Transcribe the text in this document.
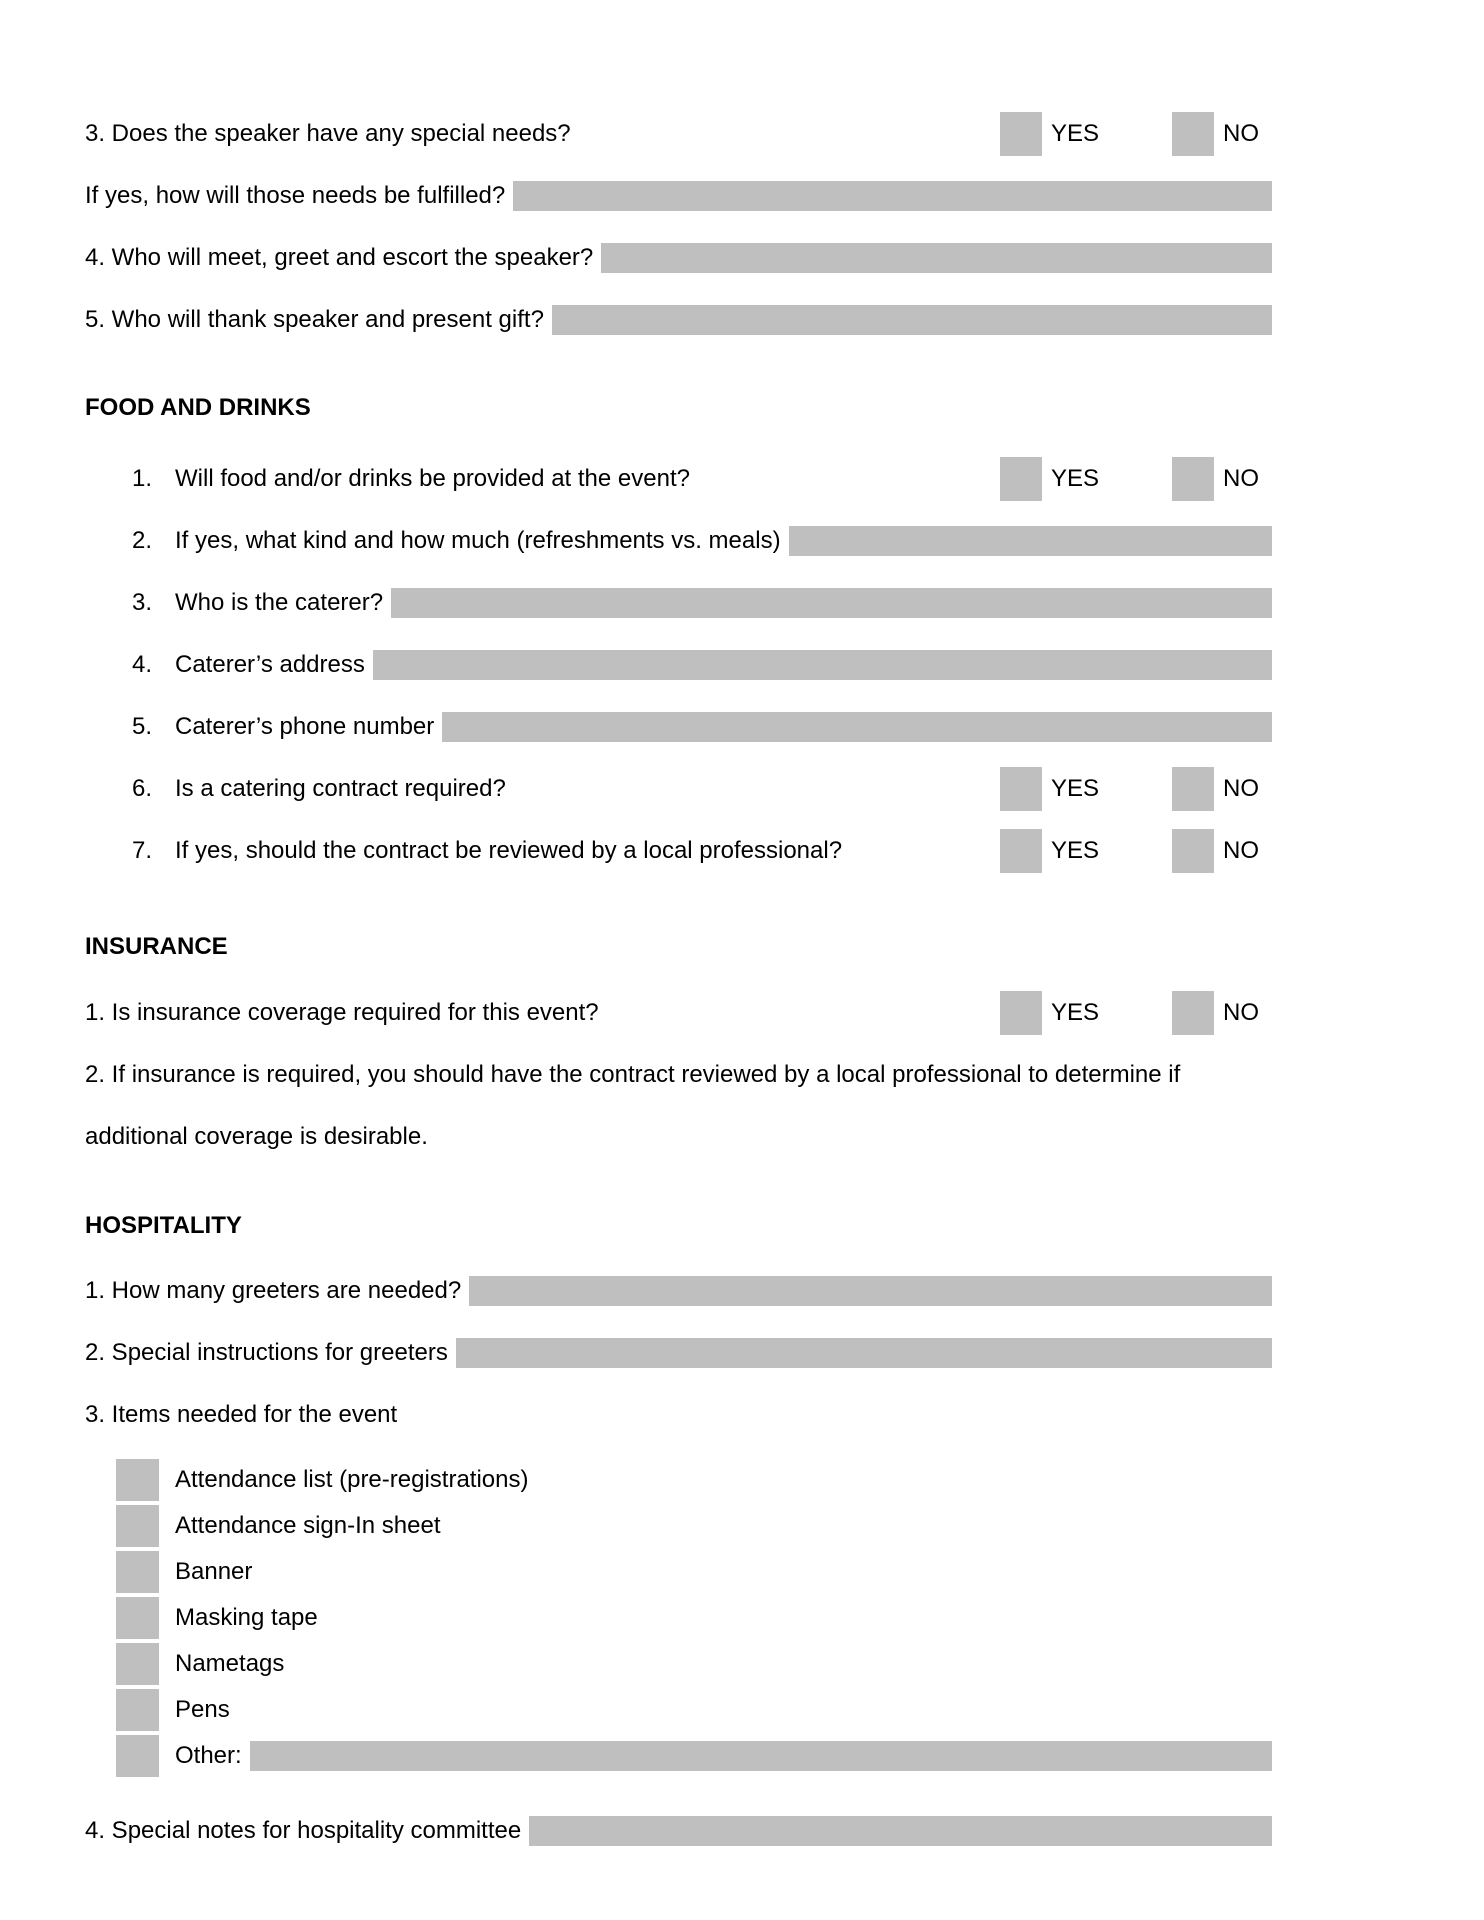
3. Does the speaker have any special needs?	YES	NO
If yes, how will those needs be fulfilled?
4. Who will meet, greet and escort the speaker?
5. Who will thank speaker and present gift?
FOOD AND DRINKS
1. Will food and/or drinks be provided at the event?	YES	NO
2. If yes, what kind and how much (refreshments vs. meals)
3. Who is the caterer?
4. Caterer’s address
5. Caterer’s phone number
6. Is a catering contract required?	YES	NO
7. If yes, should the contract be reviewed by a local professional?	YES	NO
INSURANCE
1. Is insurance coverage required for this event?	YES	NO
2. If insurance is required, you should have the contract reviewed by a local professional to determine if
additional coverage is desirable.
HOSPITALITY
1. How many greeters are needed?
2. Special instructions for greeters
3. Items needed for the event
Attendance list (pre-registrations)
Attendance sign-In sheet
Banner
Masking tape
Nametags
Pens
Other:
4. Special notes for hospitality committee
